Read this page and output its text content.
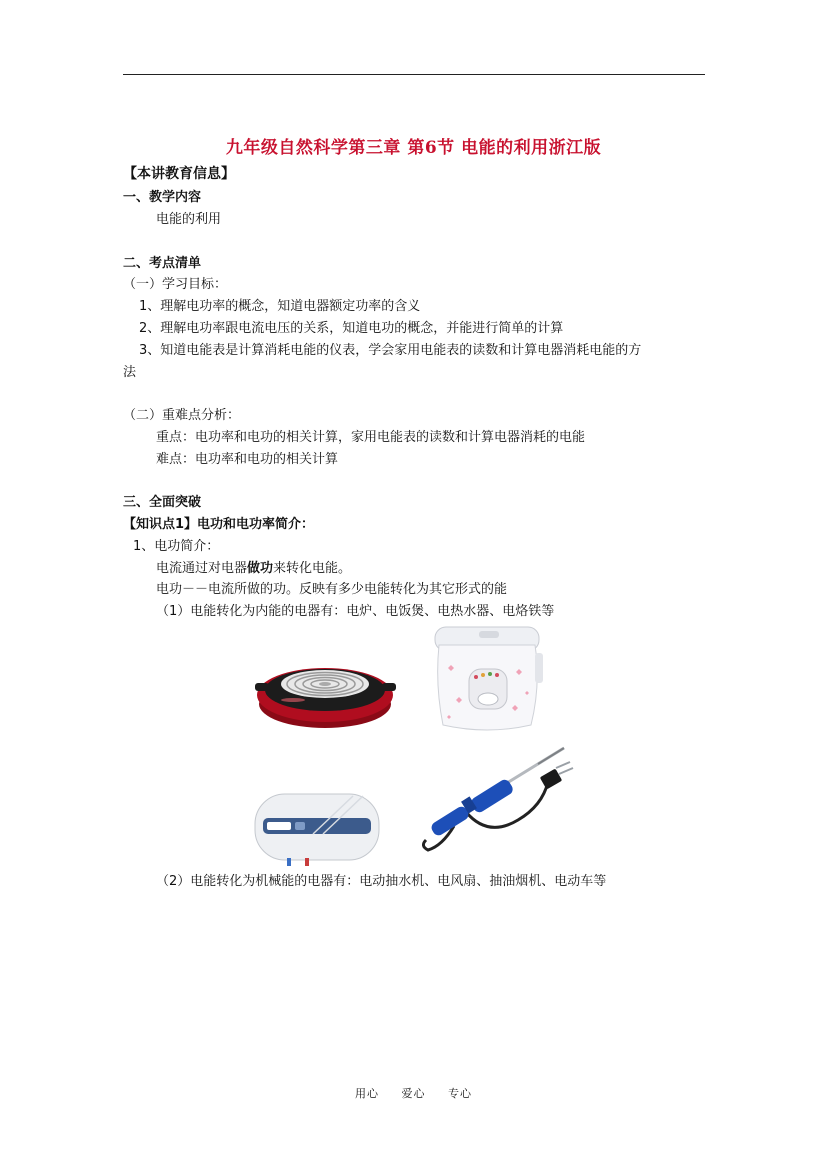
九年级自然科学第三章 第6节 电能的利用浙江版
【本讲教育信息】
一、教学内容
电能的利用
二、考点清单
（一）学习目标：
1、理解电功率的概念，知道电器额定功率的含义
2、理解电功率跟电流电压的关系，知道电功的概念，并能进行简单的计算
3、知道电能表是计算消耗电能的仪表，学会家用电能表的读数和计算电器消耗电能的方
法
（二）重难点分析：
重点：电功率和电功的相关计算，家用电能表的读数和计算电器消耗的电能
难点：电功率和电功的相关计算
三、全面突破
【知识点1】电功和电功率简介：
1、电功简介：
电流通过对电器做功来转化电能。
电功－－电流所做的功。反映有多少电能转化为其它形式的能
（1）电能转化为内能的电器有：电炉、电饭煲、电热水器、电烙铁等
（2）电能转化为机械能的电器有：电动抽水机、电风扇、抽油烟机、电动车等
用心 爱心 专心
